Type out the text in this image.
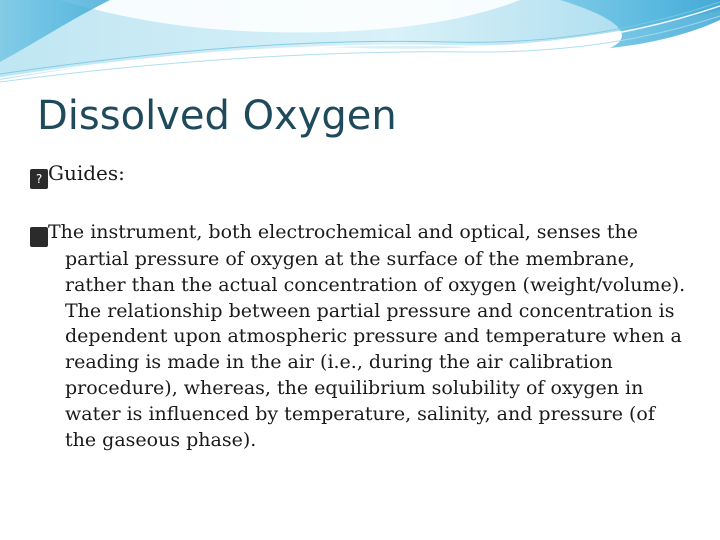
Dissolved Oxygen
? Guides:

? The instrument, both electrochemical and optical, senses the partial pressure of oxygen at the surface of the membrane, rather than the actual concentration of oxygen (weight/volume). The relationship between partial pressure and concentration is dependent upon atmospheric pressure and temperature when a reading is made in the air (i.e., during the air calibration procedure), whereas, the equilibrium solubility of oxygen in water is influenced by temperature, salinity, and pressure (of the gaseous phase).
